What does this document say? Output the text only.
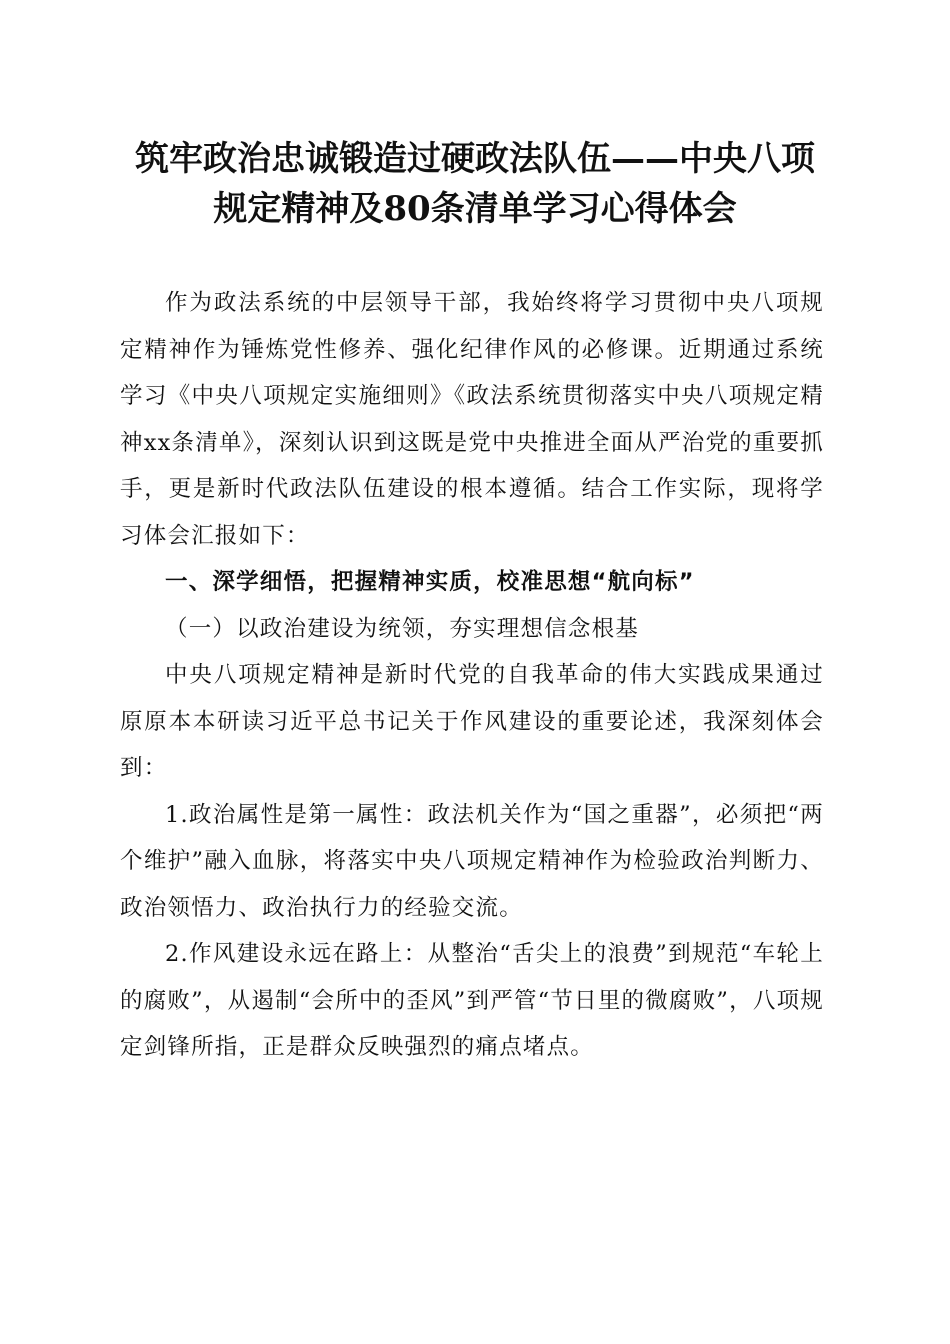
筑牢政治忠诚锻造过硬政法队伍——中央八项
规定精神及80条清单学习心得体会

作为政法系统的中层领导干部，我始终将学习贯彻中央八项规定精神作为锤炼党性修养、强化纪律作风的必修课。近期通过系统学习《中央八项规定实施细则》《政法系统贯彻落实中央八项规定精神xx条清单》，深刻认识到这既是党中央推进全面从严治党的重要抓手，更是新时代政法队伍建设的根本遵循。结合工作实际，现将学习体会汇报如下：

一、深学细悟，把握精神实质，校准思想“航向标”

（一）以政治建设为统领，夯实理想信念根基

中央八项规定精神是新时代党的自我革命的伟大实践成果通过原原本本研读习近平总书记关于作风建设的重要论述，我深刻体会到：

1.政治属性是第一属性：政法机关作为“国之重器”，必须把“两个维护”融入血脉，将落实中央八项规定精神作为检验政治判断力、政治领悟力、政治执行力的经验交流。

2.作风建设永远在路上：从整治“舌尖上的浪费”到规范“车轮上的腐败”，从遏制“会所中的歪风”到严管“节日里的微腐败”，八项规定剑锋所指，正是群众反映强烈的痛点堵点。
